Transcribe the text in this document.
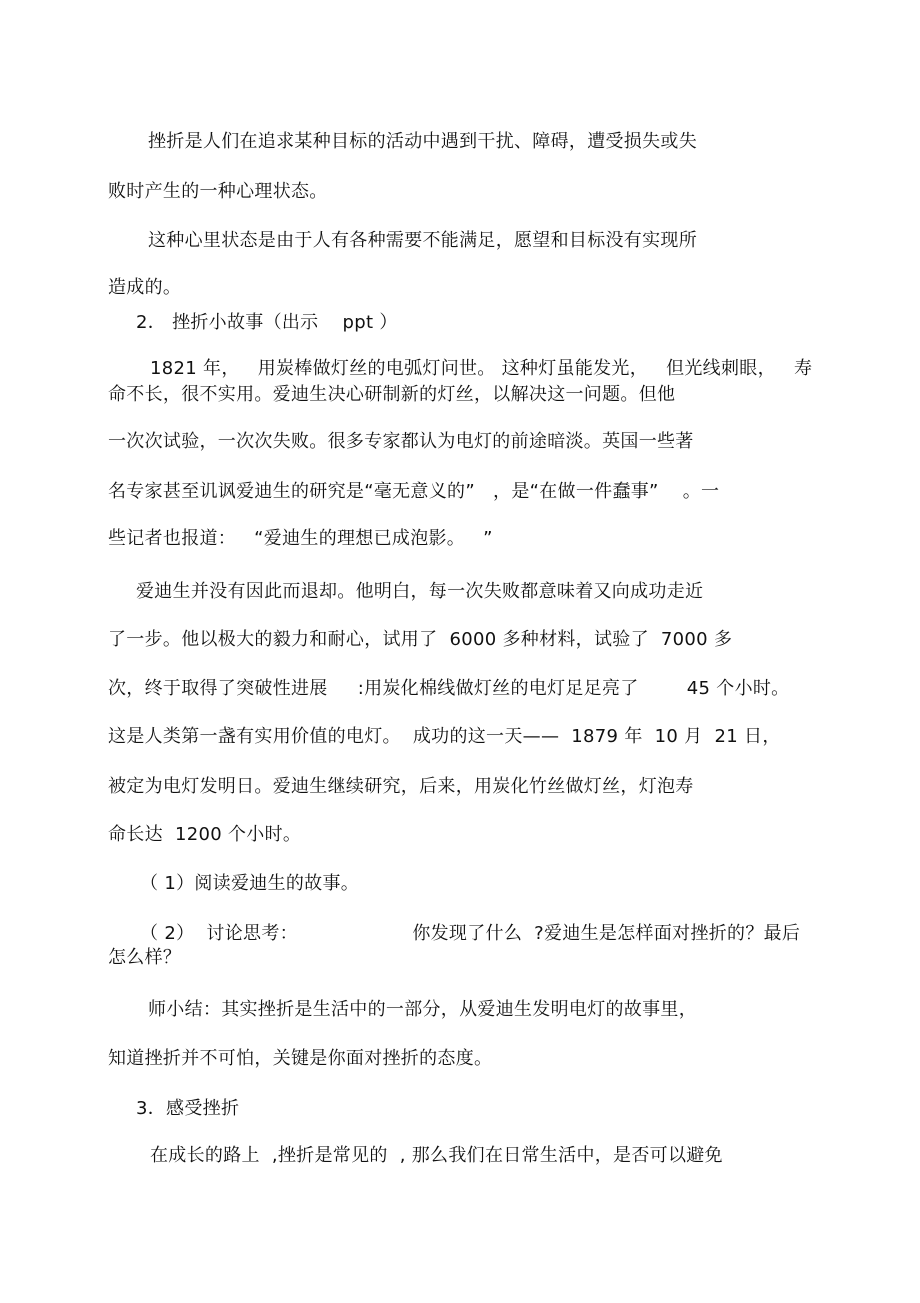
挫折是人们在追求某种目标的活动中遇到干扰、障碍，遭受损失或失
败时产生的一种心理状态。
这种心里状态是由于人有各种需要不能满足，愿望和目标没有实现所
造成的。
2． 挫折小故事（出示    ppt ）
1821 年，   用炭棒做灯丝的电弧灯问世。 这种灯虽能发光，   但光线刺眼，   寿
命不长，很不实用。爱迪生决心研制新的灯丝，以解决这一问题。但他
一次次试验，一次次失败。很多专家都认为电灯的前途暗淡。英国一些著
名专家甚至讥讽爱迪生的研究是“毫无意义的”   ，是“在做一件蠢事”    。一
些记者也报道：   “爱迪生的理想已成泡影。   ”
爱迪生并没有因此而退却。他明白，每一次失败都意味着又向成功走近
了一步。他以极大的毅力和耐心，试用了  6000 多种材料，试验了  7000 多
次，终于取得了突破性进展     :用炭化棉线做灯丝的电灯足足亮了        45 个小时。
这是人类第一盏有实用价值的电灯。  成功的这一天——  1879 年  10 月  21 日，
被定为电灯发明日。爱迪生继续研究，后来，用炭化竹丝做灯丝，灯泡寿
命长达  1200 个小时。
（ 1）阅读爱迪生的故事。
（ 2）  讨论思考：                   你发现了什么  ?爱迪生是怎样面对挫折的？最后
怎么样？
师小结：其实挫折是生活中的一部分，从爱迪生发明电灯的故事里，
知道挫折并不可怕，关键是你面对挫折的态度。
3．感受挫折
在成长的路上  ,挫折是常见的  , 那么我们在日常生活中，是否可以避免
